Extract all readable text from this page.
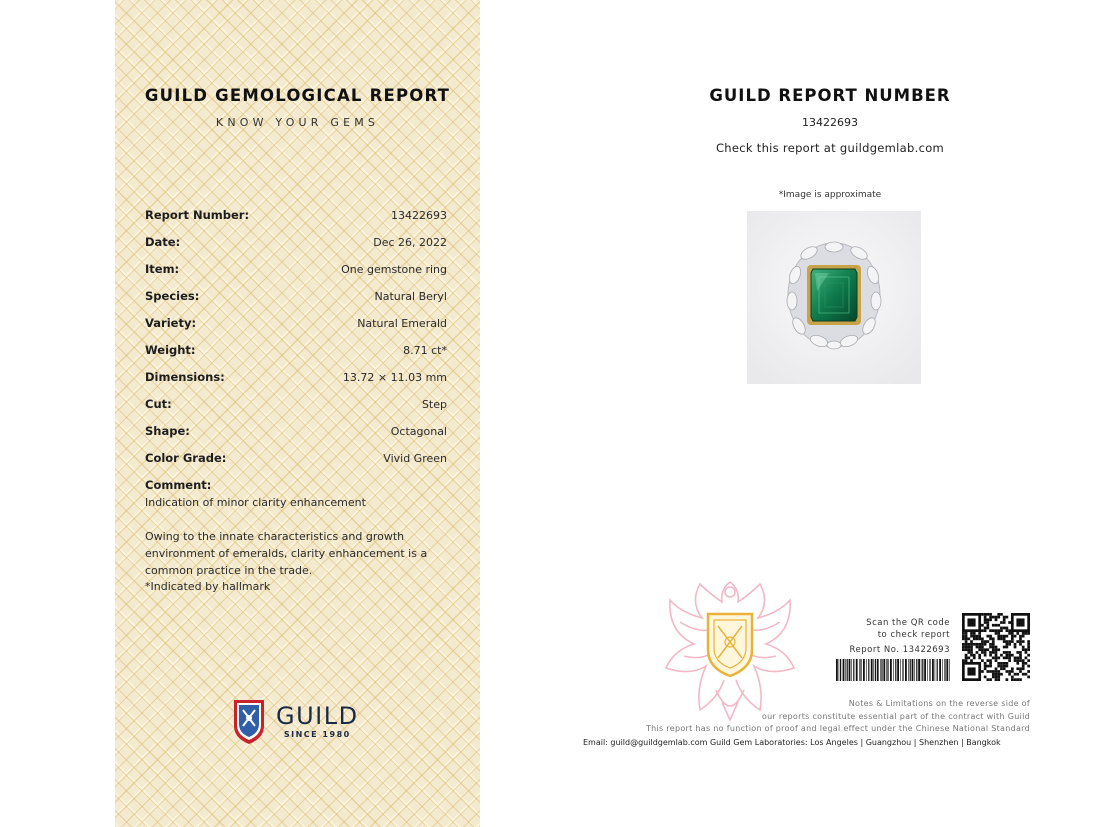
GUILD GEMOLOGICAL REPORT
KNOW YOUR GEMS
Report Number:	13422693
Date:	Dec 26, 2022
Item:	One gemstone ring
Species:	Natural Beryl
Variety:	Natural Emerald
Weight:	8.71 ct*
Dimensions:	13.72 × 11.03 mm
Cut:	Step
Shape:	Octagonal
Color Grade:	Vivid Green
Comment:
Indication of minor clarity enhancement
Owing to the innate characteristics and growth environment of emeralds, clarity enhancement is a common practice in the trade.
*Indicated by hallmark
GUILD
SINCE 1980
GUILD REPORT NUMBER
13422693
Check this report at guildgemlab.com
*Image is approximate
Scan the QR code
to check report
Report No. 13422693
Notes & Limitations on the reverse side of
our reports constitute essential part of the contract with Guild
This report has no function of proof and legal effect under the Chinese National Standard
Email: guild@guildgemlab.com Guild Gem Laboratories: Los Angeles | Guangzhou | Shenzhen | Bangkok
